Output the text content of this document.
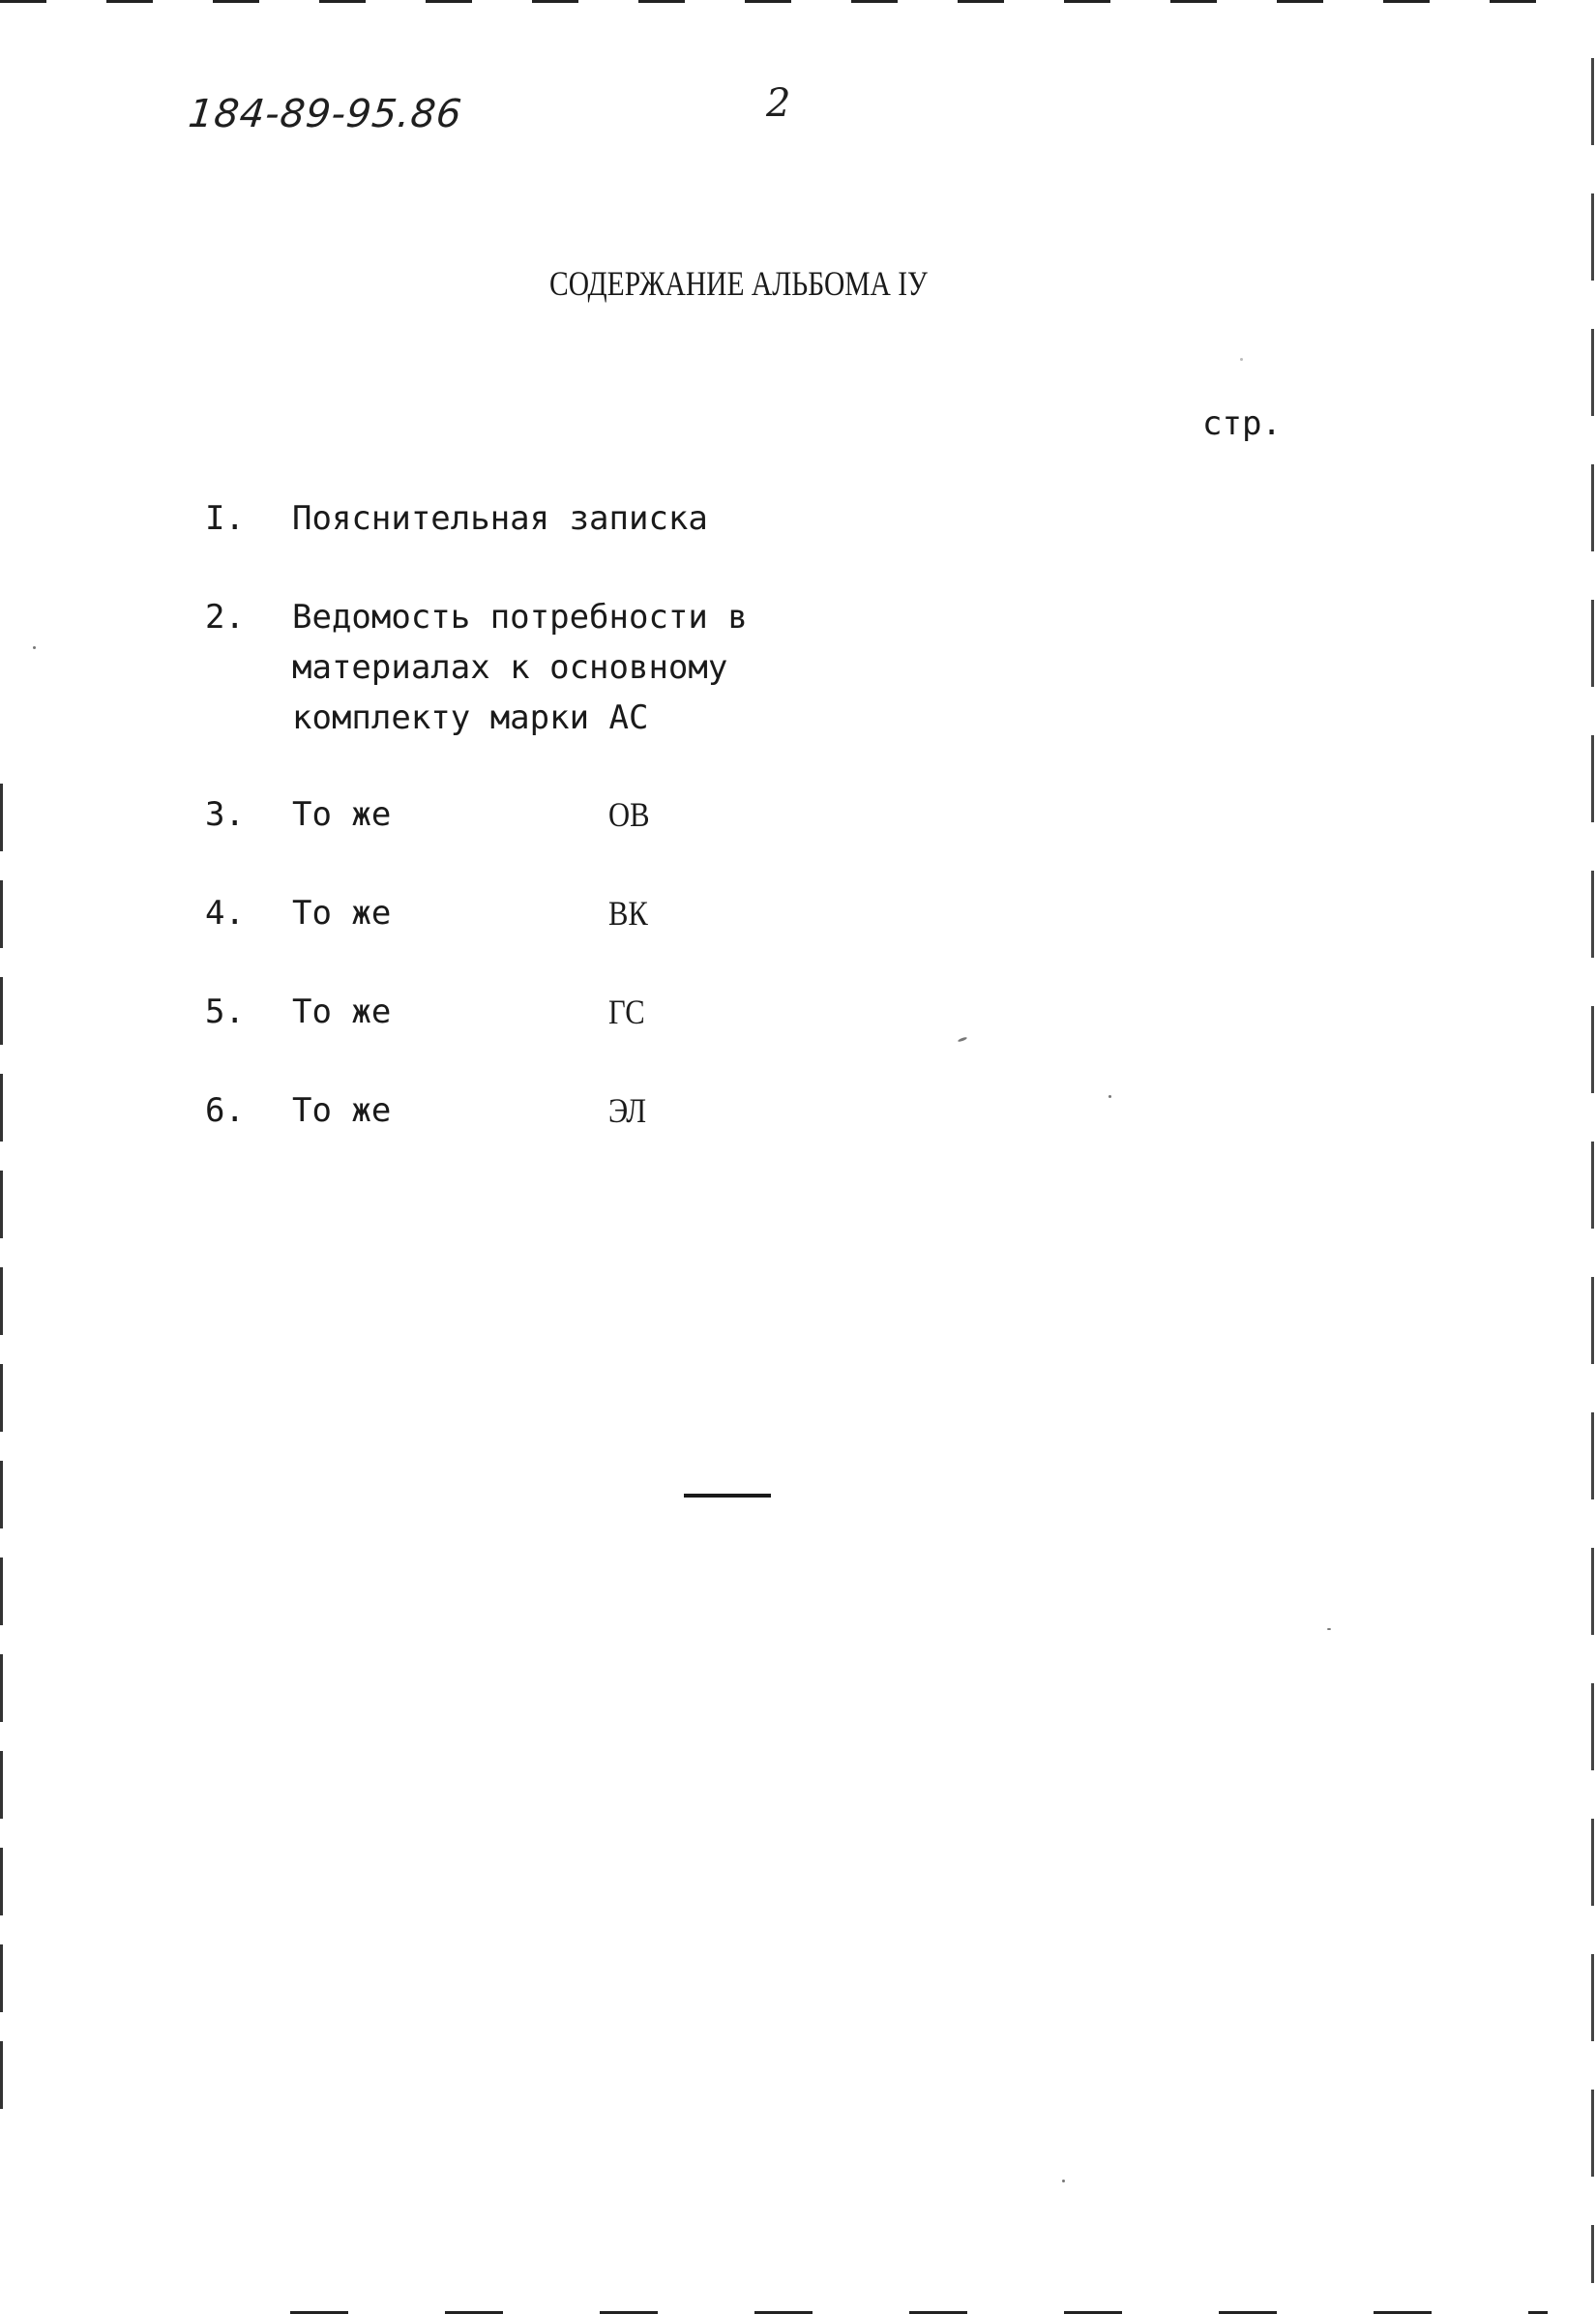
184-89-95.86	2
СОДЕРЖАНИЕ АЛЬБОМА IУ
стр.
I.	Пояснительная записка
2.	Ведомость потребности в
материалах к основному
комплекту марки АС
3.	То же	ОВ
4.	То же	ВК
5.	То же	ГС
6.	То же	ЭЛ
